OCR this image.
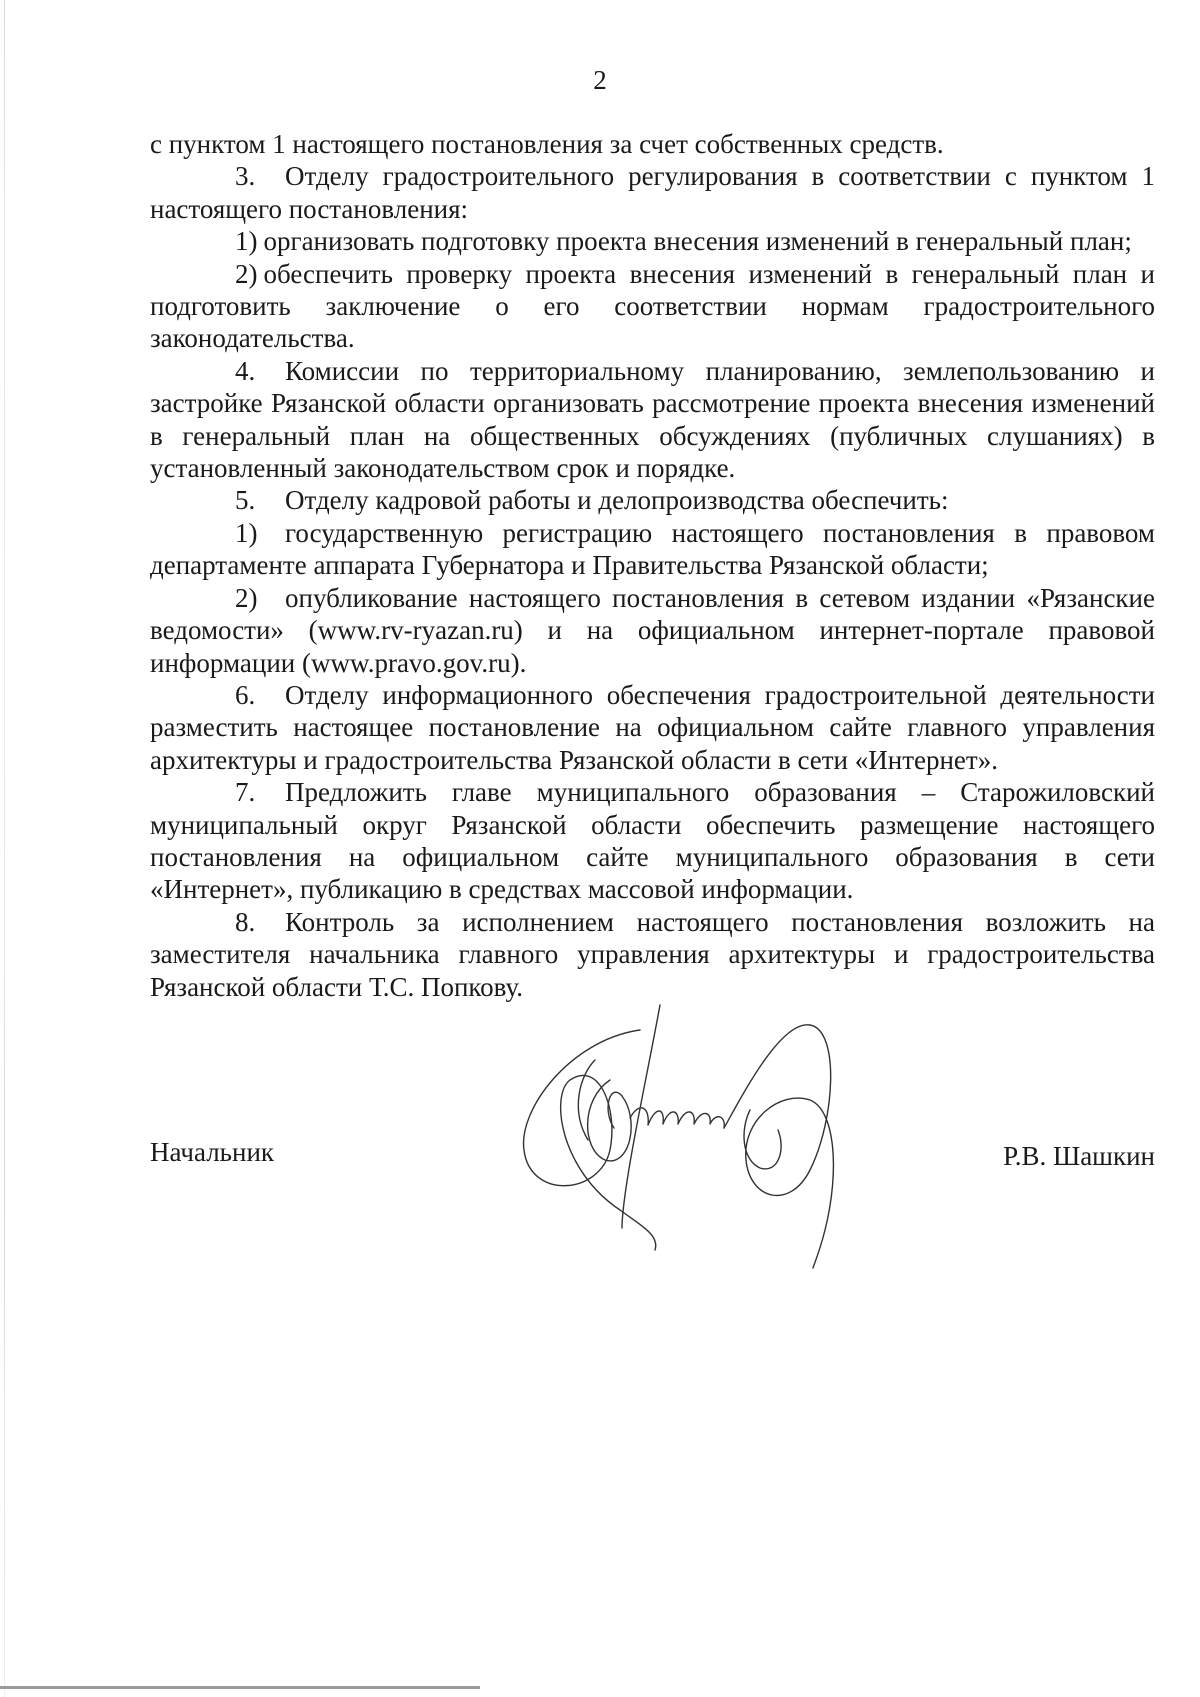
2

с пунктом 1 настоящего постановления за счет собственных средств.

3. Отделу градостроительного регулирования в соответствии с пунктом 1 настоящего постановления:

1) организовать подготовку проекта внесения изменений в генеральный план;

2) обеспечить проверку проекта внесения изменений в генеральный план и подготовить заключение о его соответствии нормам градостроительного законодательства.

4. Комиссии по территориальному планированию, землепользованию и застройке Рязанской области организовать рассмотрение проекта внесения изменений в генеральный план на общественных обсуждениях (публичных слушаниях) в установленный законодательством срок и порядке.

5. Отделу кадровой работы и делопроизводства обеспечить:

1) государственную регистрацию настоящего постановления в правовом департаменте аппарата Губернатора и Правительства Рязанской области;

2) опубликование настоящего постановления в сетевом издании «Рязанские ведомости» (www.rv-ryazan.ru) и на официальном интернет-портале правовой информации (www.pravo.gov.ru).

6. Отделу информационного обеспечения градостроительной деятельности разместить настоящее постановление на официальном сайте главного управления архитектуры и градостроительства Рязанской области в сети «Интернет».

7. Предложить главе муниципального образования – Старожиловский муниципальный округ Рязанской области обеспечить размещение настоящего постановления на официальном сайте муниципального образования в сети «Интернет», публикацию в средствах массовой информации.

8. Контроль за исполнением настоящего постановления возложить на заместителя начальника главного управления архитектуры и градостроительства Рязанской области Т.С. Попкову.

Начальник	Р.В. Шашкин
